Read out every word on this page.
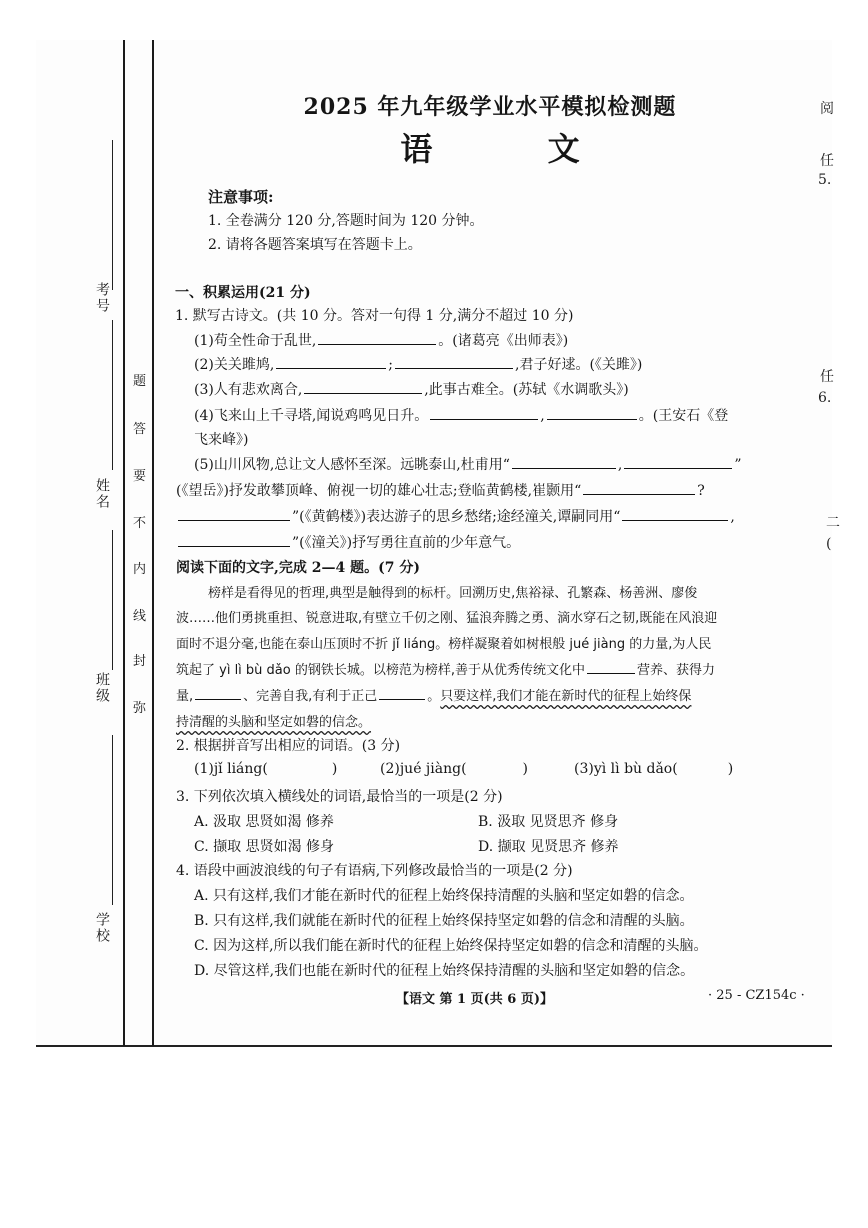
考号
姓名
班级
学校
题
答
要
不
内
线
封
弥
阅
任
5.
任
6.
(
二
2025 年九年级学业水平模拟检测题
语 文
注意事项:
1. 全卷满分 120 分,答题时间为 120 分钟。
2. 请将各题答案填写在答题卡上。
一、积累运用(21 分)
1. 默写古诗文。(共 10 分。答对一句得 1 分,满分不超过 10 分)
(1)苟全性命于乱世,	。(诸葛亮《出师表》)
(2)关关雎鸠,	;	,君子好逑。(《关雎》)
(3)人有悲欢离合,	,此事古难全。(苏轼《水调歌头》)
(4)飞来山上千寻塔,闻说鸡鸣见日升。	,	。(王安石《登
飞来峰》)
(5)山川风物,总让文人感怀至深。远眺泰山,杜甫用“	,	”
(《望岳》)抒发敢攀顶峰、俯视一切的雄心壮志;登临黄鹤楼,崔颢用“	?
”(《黄鹤楼》)表达游子的思乡愁绪;途经潼关,谭嗣同用“	,
”(《潼关》)抒写勇往直前的少年意气。
阅读下面的文字,完成 2—4 题。(7 分)
榜样是看得见的哲理,典型是触得到的标杆。回溯历史,焦裕禄、孔繁森、杨善洲、廖俊
波……他们勇挑重担、锐意进取,有壁立千仞之刚、猛浪奔腾之勇、滴水穿石之韧,既能在风浪迎
面时不退分毫,也能在泰山压顶时不折 jǐ liáng。榜样凝聚着如树根般 jué jiàng 的力量,为人民
筑起了 yì lì bù dǎo 的钢铁长城。以榜范为榜样,善于从优秀传统文化中	营养、获得力
量,	、完善自我,有利于正己	。只要这样,我们才能在新时代的征程上始终保
持清醒的头脑和坚定如磐的信念。
2. 根据拼音写出相应的词语。(3 分)
(1)jǐ liáng(	)	(2)jué jiàng(	)	(3)yì lì bù dǎo(	)
3. 下列依次填入横线处的词语,最恰当的一项是(2 分)
A. 汲取 思贤如渴 修养	B. 汲取 见贤思齐 修身
C. 撷取 思贤如渴 修身	D. 撷取 见贤思齐 修养
4. 语段中画波浪线的句子有语病,下列修改最恰当的一项是(2 分)
A. 只有这样,我们才能在新时代的征程上始终保持清醒的头脑和坚定如磐的信念。
B. 只有这样,我们就能在新时代的征程上始终保持坚定如磐的信念和清醒的头脑。
C. 因为这样,所以我们能在新时代的征程上始终保持坚定如磐的信念和清醒的头脑。
D. 尽管这样,我们也能在新时代的征程上始终保持清醒的头脑和坚定如磐的信念。
【语文 第 1 页(共 6 页)】	· 25 - CZ154c ·
